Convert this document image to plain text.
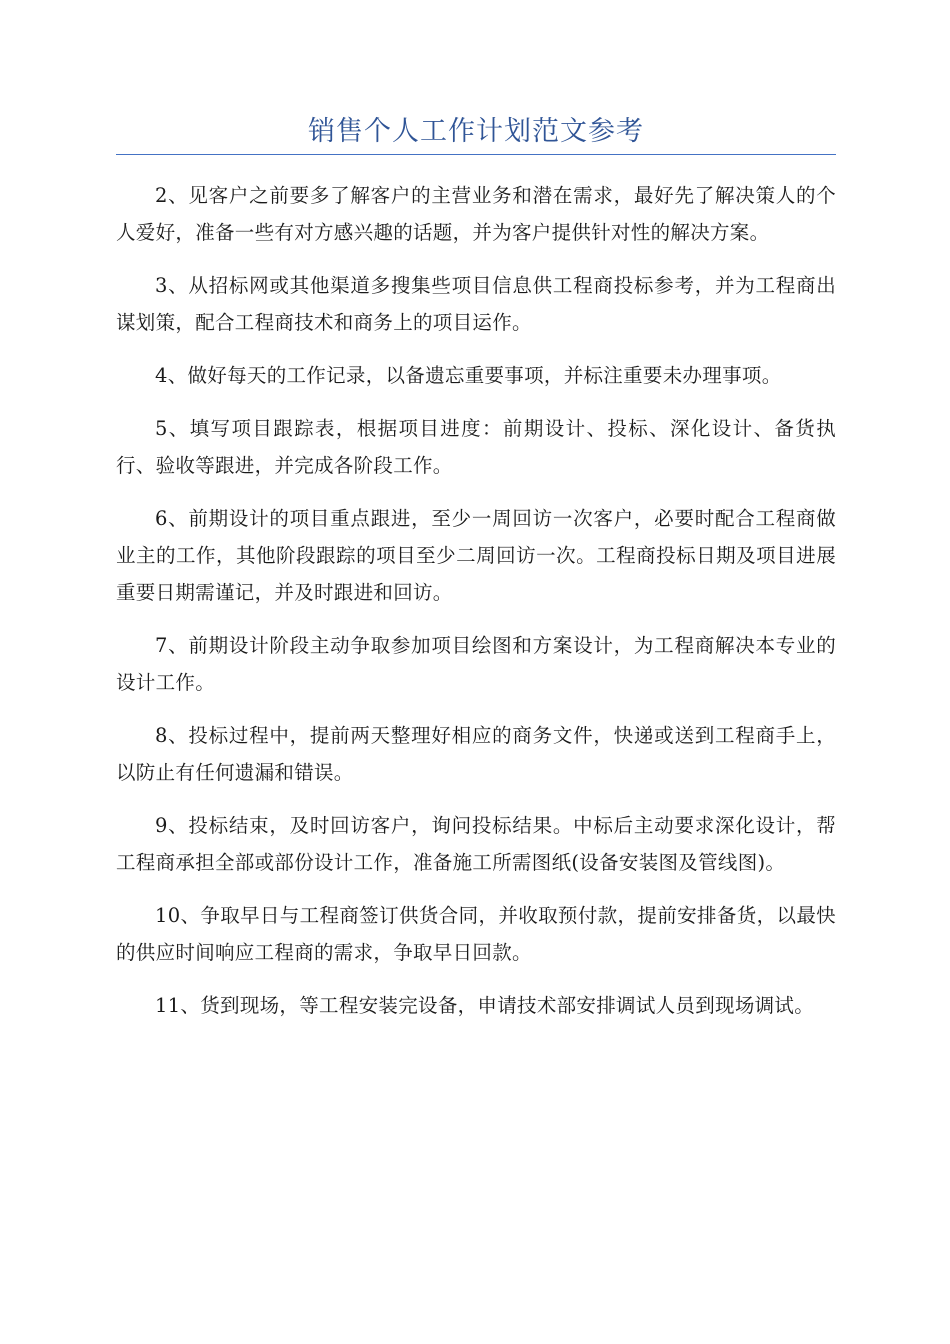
销售个人工作计划范文参考

2、见客户之前要多了解客户的主营业务和潜在需求，最好先了解决策人的个人爱好，准备一些有对方感兴趣的话题，并为客户提供针对性的解决方案。

3、从招标网或其他渠道多搜集些项目信息供工程商投标参考，并为工程商出谋划策，配合工程商技术和商务上的项目运作。

4、做好每天的工作记录，以备遗忘重要事项，并标注重要未办理事项。

5、填写项目跟踪表，根据项目进度：前期设计、投标、深化设计、备货执行、验收等跟进，并完成各阶段工作。

6、前期设计的项目重点跟进，至少一周回访一次客户，必要时配合工程商做业主的工作，其他阶段跟踪的项目至少二周回访一次。工程商投标日期及项目进展重要日期需谨记，并及时跟进和回访。

7、前期设计阶段主动争取参加项目绘图和方案设计，为工程商解决本专业的设计工作。

8、投标过程中，提前两天整理好相应的商务文件，快递或送到工程商手上，以防止有任何遗漏和错误。

9、投标结束，及时回访客户，询问投标结果。中标后主动要求深化设计，帮工程商承担全部或部份设计工作，准备施工所需图纸(设备安装图及管线图)。

10、争取早日与工程商签订供货合同，并收取预付款，提前安排备货，以最快的供应时间响应工程商的需求，争取早日回款。

11、货到现场，等工程安装完设备，申请技术部安排调试人员到现场调试。
